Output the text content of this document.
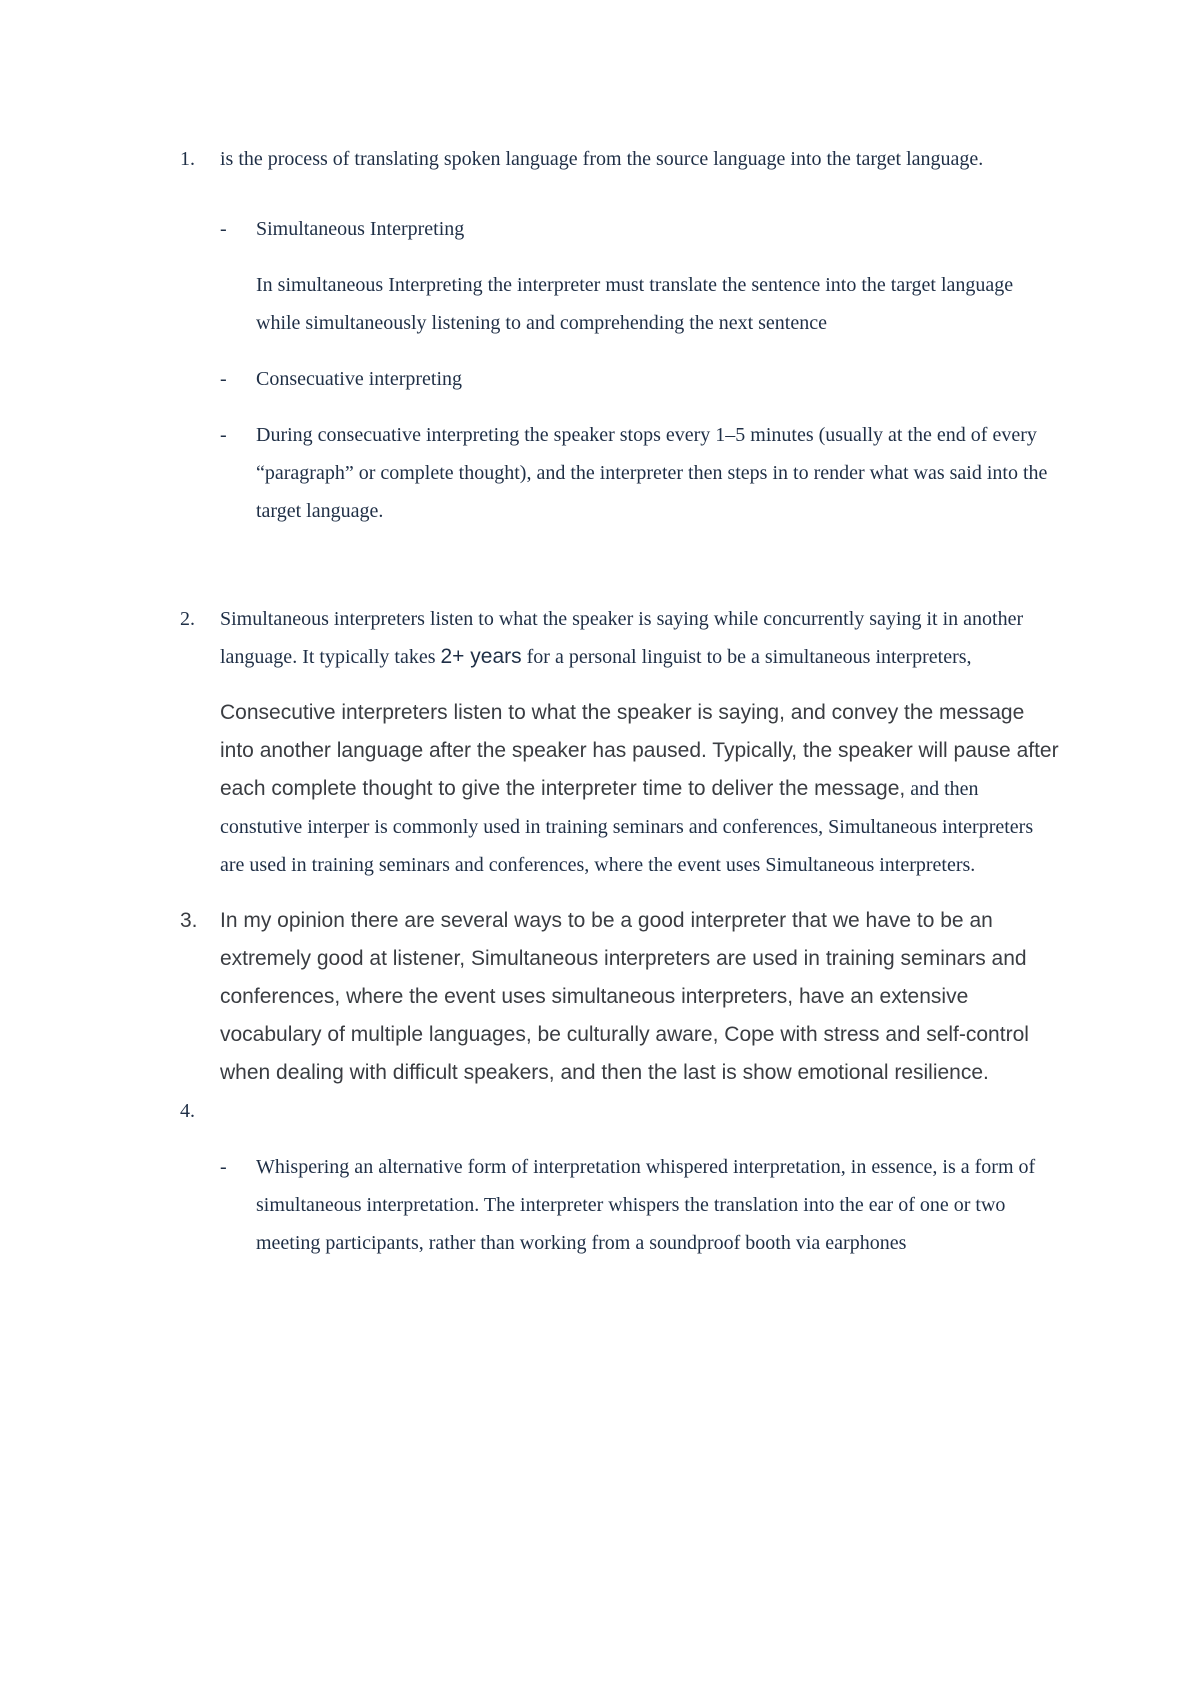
1.	is the process of translating spoken language from the source language into the target language.
-	Simultaneous Interpreting
In simultaneous Interpreting the interpreter must translate the sentence into the target language while simultaneously listening to and comprehending the next sentence
-	Consecuative interpreting
-	During consecuative interpreting the speaker stops every 1–5 minutes (usually at the end of every “paragraph” or complete thought), and the interpreter then steps in to render what was said into the target language.
2.	Simultaneous interpreters listen to what the speaker is saying while concurrently saying it in another language. It typically takes 2+ years for a personal linguist to be a simultaneous interpreters,
Consecutive interpreters listen to what the speaker is saying, and convey the message into another language after the speaker has paused. Typically, the speaker will pause after each complete thought to give the interpreter time to deliver the message, and then constutive interper is commonly used in training seminars and conferences, Simultaneous interpreters are used in training seminars and conferences, where the event uses Simultaneous interpreters.
3.	In my opinion there are several ways to be a good interpreter that we have to be an extremely good at listener, Simultaneous interpreters are used in training seminars and conferences, where the event uses simultaneous interpreters, have an extensive vocabulary of multiple languages, be culturally aware, Cope with stress and self-control when dealing with difficult speakers, and then the last is show emotional resilience.
4.

-	Whispering an alternative form of interpretation whispered interpretation, in essence, is a form of simultaneous interpretation. The interpreter whispers the translation into the ear of one or two meeting participants, rather than working from a soundproof booth via earphones
